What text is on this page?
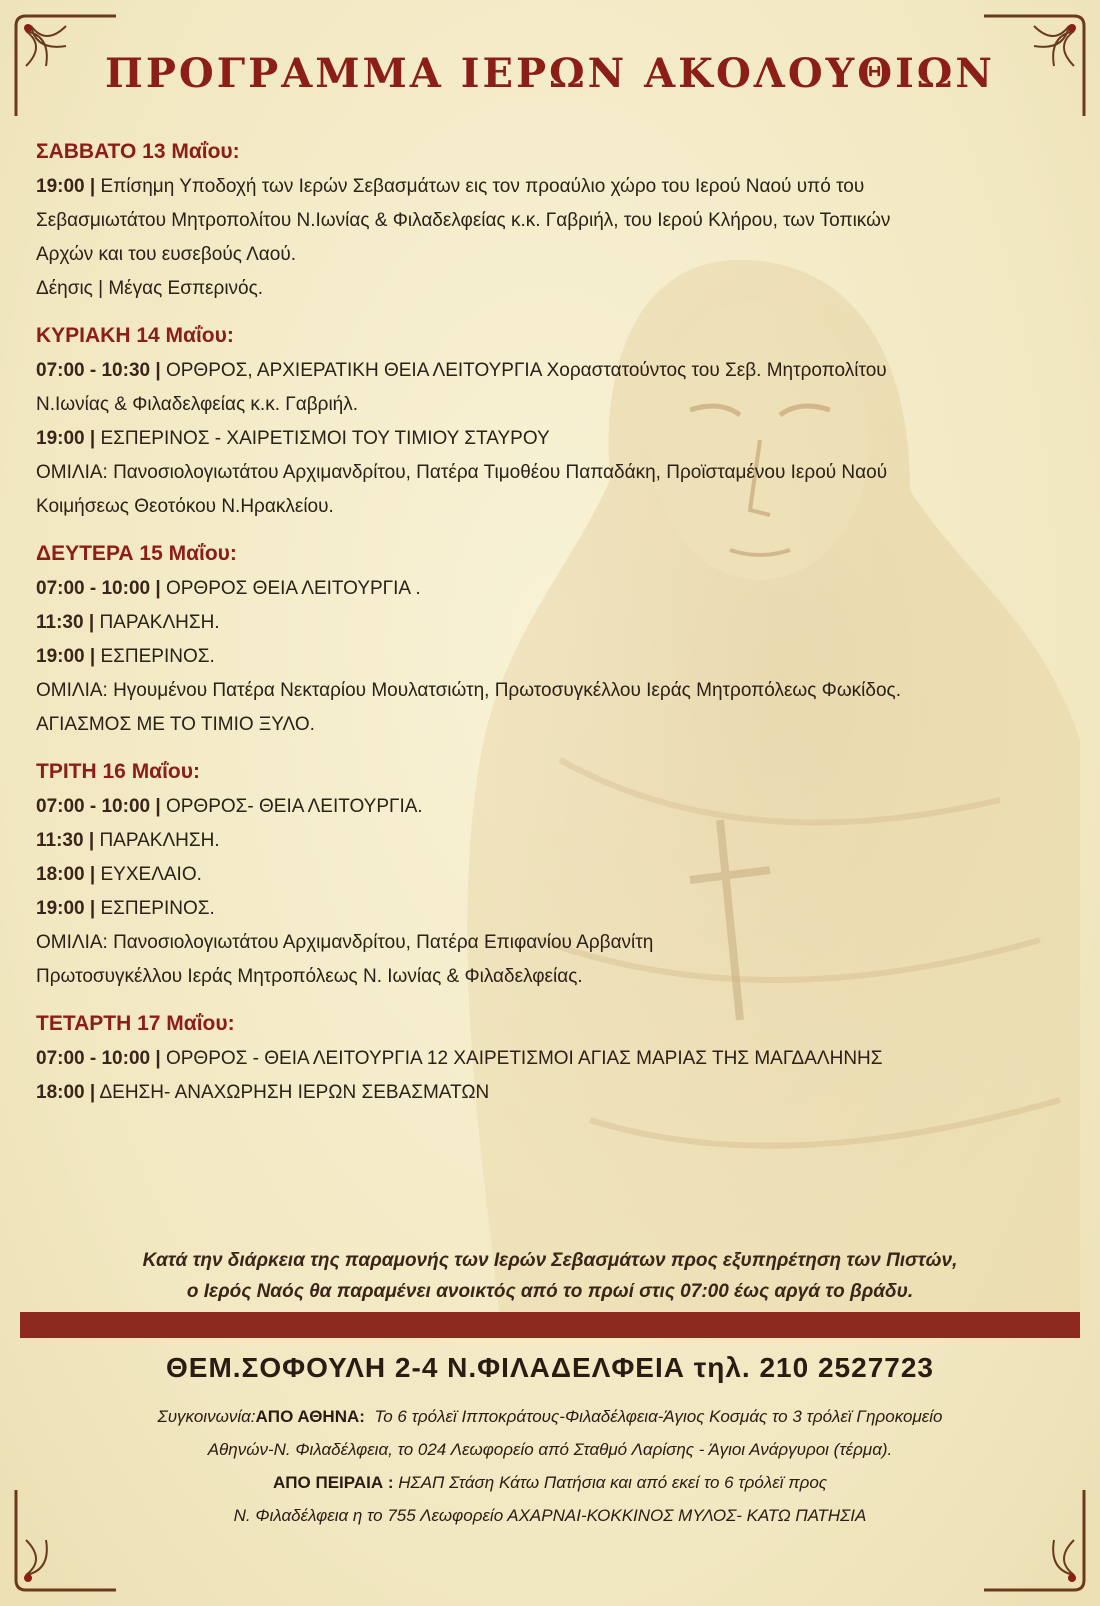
ΠΡΟΓΡΑΜΜΑ ΙΕΡΩΝ ΑΚΟΛΟΥΘΙΩΝ

ΣΑΒΒΑΤΟ 13 Μαΐου:

19:00 | Επίσημη Υποδοχή των Ιερών Σεβασμάτων εις τον προαύλιο χώρο του Ιερού Ναού υπό του

Σεβασμιωτάτου Μητροπολίτου Ν.Ιωνίας & Φιλαδελφείας κ.κ. Γαβριήλ, του Ιερού Κλήρου, των Τοπικών

Αρχών και του ευσεβούς Λαού.

Δέησις | Μέγας Εσπερινός.

ΚΥΡΙΑΚΗ 14 Μαΐου:

07:00 - 10:30 | ΟΡΘΡΟΣ, ΑΡΧΙΕΡΑΤΙΚΗ ΘΕΙΑ ΛΕΙΤΟΥΡΓΙΑ Χοραστατούντος του Σεβ. Μητροπολίτου

Ν.Ιωνίας & Φιλαδελφείας κ.κ. Γαβριήλ.

19:00 | ΕΣΠΕΡΙΝΟΣ - ΧΑΙΡΕΤΙΣΜΟΙ ΤΟΥ ΤΙΜΙΟΥ ΣΤΑΥΡΟΥ

ΟΜΙΛΙΑ: Πανοσιολογιωτάτου Αρχιμανδρίτου, Πατέρα Τιμοθέου Παπαδάκη, Προϊσταμένου Ιερού Ναού

Κοιμήσεως Θεοτόκου Ν.Ηρακλείου.

ΔΕΥΤΕΡΑ 15 Μαΐου:

07:00 - 10:00 | ΟΡΘΡΟΣ ΘΕΙΑ ΛΕΙΤΟΥΡΓΙΑ .

11:30 | ΠΑΡΑΚΛΗΣΗ.

19:00 | ΕΣΠΕΡΙΝΟΣ.

ΟΜΙΛΙΑ: Ηγουμένου Πατέρα Νεκταρίου Μουλατσιώτη, Πρωτοσυγκέλλου Ιεράς Μητροπόλεως Φωκίδος.

ΑΓΙΑΣΜΟΣ ΜΕ ΤΟ ΤΙΜΙΟ ΞΥΛΟ.

ΤΡΙΤΗ 16 Μαΐου:

07:00 - 10:00 | ΟΡΘΡΟΣ- ΘΕΙΑ ΛΕΙΤΟΥΡΓΙΑ.

11:30 | ΠΑΡΑΚΛΗΣΗ.

18:00 | ΕΥΧΕΛΑΙΟ.

19:00 | ΕΣΠΕΡΙΝΟΣ.

ΟΜΙΛΙΑ: Πανοσιολογιωτάτου Αρχιμανδρίτου, Πατέρα Επιφανίου Αρβανίτη

Πρωτοσυγκέλλου Ιεράς Μητροπόλεως Ν. Ιωνίας & Φιλαδελφείας.

ΤΕΤΑΡΤΗ 17 Μαΐου:

07:00 - 10:00 | ΟΡΘΡΟΣ - ΘΕΙΑ ΛΕΙΤΟΥΡΓΙΑ 12 ΧΑΙΡΕΤΙΣΜΟΙ ΑΓΙΑΣ ΜΑΡΙΑΣ ΤΗΣ ΜΑΓΔΑΛΗΝΗΣ

18:00 | ΔΕΗΣΗ- ΑΝΑΧΩΡΗΣΗ ΙΕΡΩΝ ΣΕΒΑΣΜΑΤΩΝ

Κατά την διάρκεια της παραμονής των Ιερών Σεβασμάτων προς εξυπηρέτηση των Πιστών,
ο Ιερός Ναός θα παραμένει ανοικτός από το πρωί στις 07:00 έως αργά το βράδυ.
ΘΕΜ.ΣΟΦΟΥΛΗ 2-4 Ν.ΦΙΛΑΔΕΛΦΕΙΑ τηλ. 210 2527723
Συγκοινωνία:ΑΠΟ ΑΘΗΝΑ: Το 6 τρόλεϊ Ιπποκράτους-Φιλαδέλφεια-Άγιος Κοσμάς το 3 τρόλεϊ Γηροκομείο
Αθηνών-Ν. Φιλαδέλφεια, το 024 Λεωφορείο από Σταθμό Λαρίσης - Άγιοι Ανάργυροι (τέρμα).
ΑΠΟ ΠΕΙΡΑΙΑ : ΗΣΑΠ Στάση Κάτω Πατήσια και από εκεί το 6 τρόλεϊ προς
Ν. Φιλαδέλφεια η το 755 Λεωφορείο ΑΧΑΡΝΑΙ-ΚΟΚΚΙΝΟΣ ΜΥΛΟΣ- ΚΑΤΩ ΠΑΤΗΣΙΑ
